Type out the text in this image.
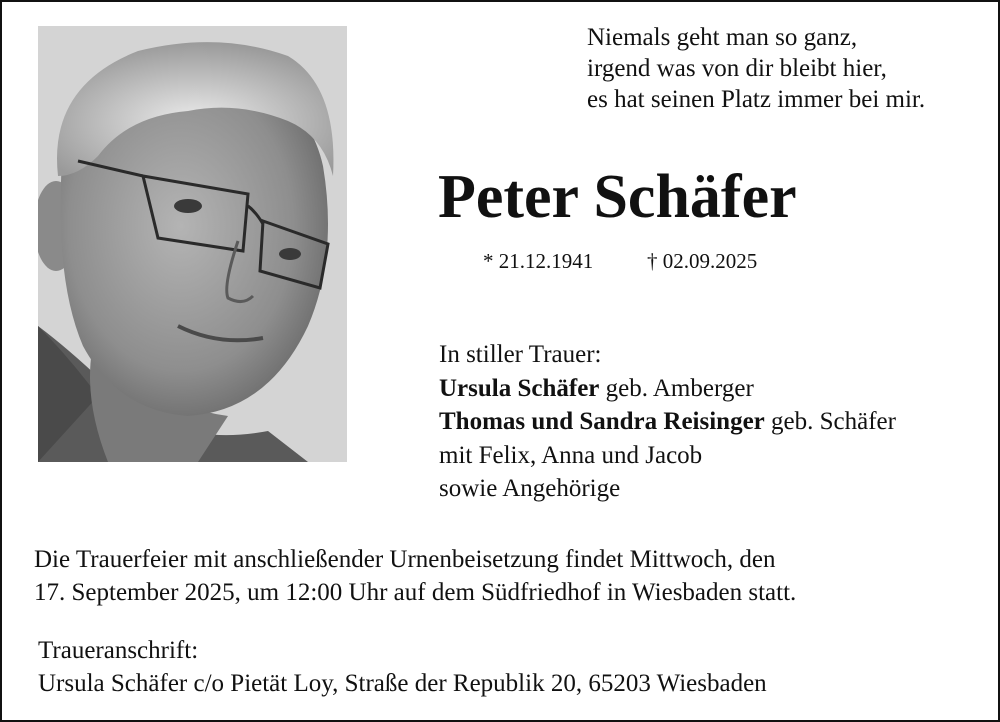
Niemals geht man so ganz,
irgend was von dir bleibt hier,
es hat seinen Platz immer bei mir.
Peter Schäfer
* 21.12.1941	† 02.09.2025
In stiller Trauer:
Ursula Schäfer geb. Amberger
Thomas und Sandra Reisinger geb. Schäfer
mit Felix, Anna und Jacob
sowie Angehörige
Die Trauerfeier mit anschließender Urnenbeisetzung findet Mittwoch, den
17. September 2025, um 12:00 Uhr auf dem Südfriedhof in Wiesbaden statt.
Traueranschrift:
Ursula Schäfer c/o Pietät Loy, Straße der Republik 20, 65203 Wiesbaden
